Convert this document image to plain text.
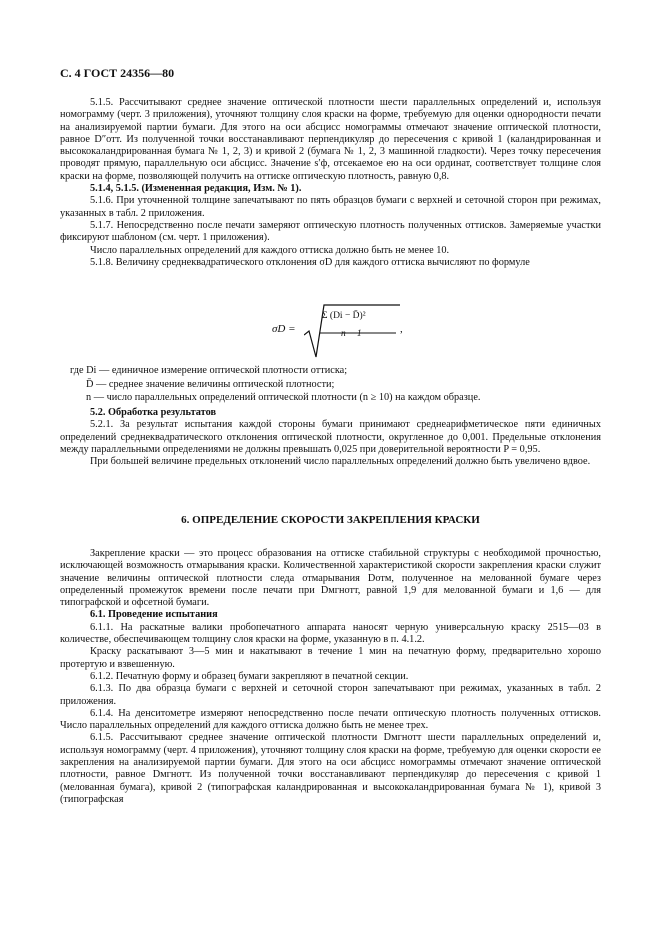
С. 4 ГОСТ 24356—80

5.1.5. Рассчитывают среднее значение оптической плотности шести параллельных определений и, используя номограмму (черт. 3 приложения), уточняют толщину слоя краски на форме, требуемую для оценки однородности печати на анализируемой партии бумаги. Для этого на оси абсцисс номограммы отмечают значение оптической плотности, равное D″отт. Из полученной точки восстанавливают перпендикуляр до пересечения с кривой 1 (каландрированная и высококаландрированная бумага № 1, 2, 3) и кривой 2 (бумага № 1, 2, 3 машинной гладкости). Через точку пересечения проводят прямую, параллельную оси абсцисс. Значение s′ф, отсекаемое ею на оси ординат, соответствует толщине слоя краски на форме, позволяющей получить на оттиске оптическую плотность, равную 0,8.

5.1.4, 5.1.5. (Измененная редакция, Изм. № 1).

5.1.6. При уточненной толщине запечатывают по пять образцов бумаги с верхней и сеточной сторон при режимах, указанных в табл. 2 приложения.

5.1.7. Непосредственно после печати замеряют оптическую плотность полученных оттисков. Замеряемые участки фиксируют шаблоном (см. черт. 1 приложения).

Число параллельных определений для каждого оттиска должно быть не менее 10.

5.1.8. Величину среднеквадратического отклонения σD для каждого оттиска вычисляют по формуле

σD =
Σ (Di − D̄)²
n − 1	,
где Di — единичное измерение оптической плотности оттиска;
D̄ — среднее значение величины оптической плотности;
n — число параллельных определений оптической плотности (n ≥ 10) на каждом образце.

5.2. Обработка результатов

5.2.1. За результат испытания каждой стороны бумаги принимают среднеарифметическое пяти единичных определений среднеквадратического отклонения оптической плотности, округленное до 0,001. Предельные отклонения между параллельными определениями не должны превышать 0,025 при доверительной вероятности P = 0,95.

При большей величине предельных отклонений число параллельных определений должно быть увеличено вдвое.

6. ОПРЕДЕЛЕНИЕ СКОРОСТИ ЗАКРЕПЛЕНИЯ КРАСКИ

Закрепление краски — это процесс образования на оттиске стабильной структуры с необходимой прочностью, исключающей возможность отмарывания краски. Количественной характеристикой скорости закрепления краски служит значение величины оптической плотности следа отмарывания Dотм, полученное на мелованной бумаге через определенный промежуток времени после печати при Dмгнотт, равной 1,9 для мелованной бумаги и 1,6 — для типографской и офсетной бумаги.

6.1. Проведение испытания

6.1.1. На раскатные валики пробопечатного аппарата наносят черную универсальную краску 2515—03 в количестве, обеспечивающем толщину слоя краски на форме, указанную в п. 4.1.2.

Краску раскатывают 3—5 мин и накатывают в течение 1 мин на печатную форму, предварительно хорошо протертую и взвешенную.

6.1.2. Печатную форму и образец бумаги закрепляют в печатной секции.

6.1.3. По два образца бумаги с верхней и сеточной сторон запечатывают при режимах, указанных в табл. 2 приложения.

6.1.4. На денситометре измеряют непосредственно после печати оптическую плотность полученных оттисков. Число параллельных определений для каждого оттиска должно быть не менее трех.

6.1.5. Рассчитывают среднее значение оптической плотности Dмгнотт шести параллельных определений и, используя номограмму (черт. 4 приложения), уточняют толщину слоя краски на форме, требуемую для оценки скорости ее закрепления на анализируемой партии бумаги. Для этого на оси абсцисс номограммы отмечают значение оптической плотности, равное Dмгнотт. Из полученной точки восстанавливают перпендикуляр до пересечения с кривой 1 (мелованная бумага), кривой 2 (типографская каландрированная и высококаландрированная бумага № 1), кривой 3 (типографская
